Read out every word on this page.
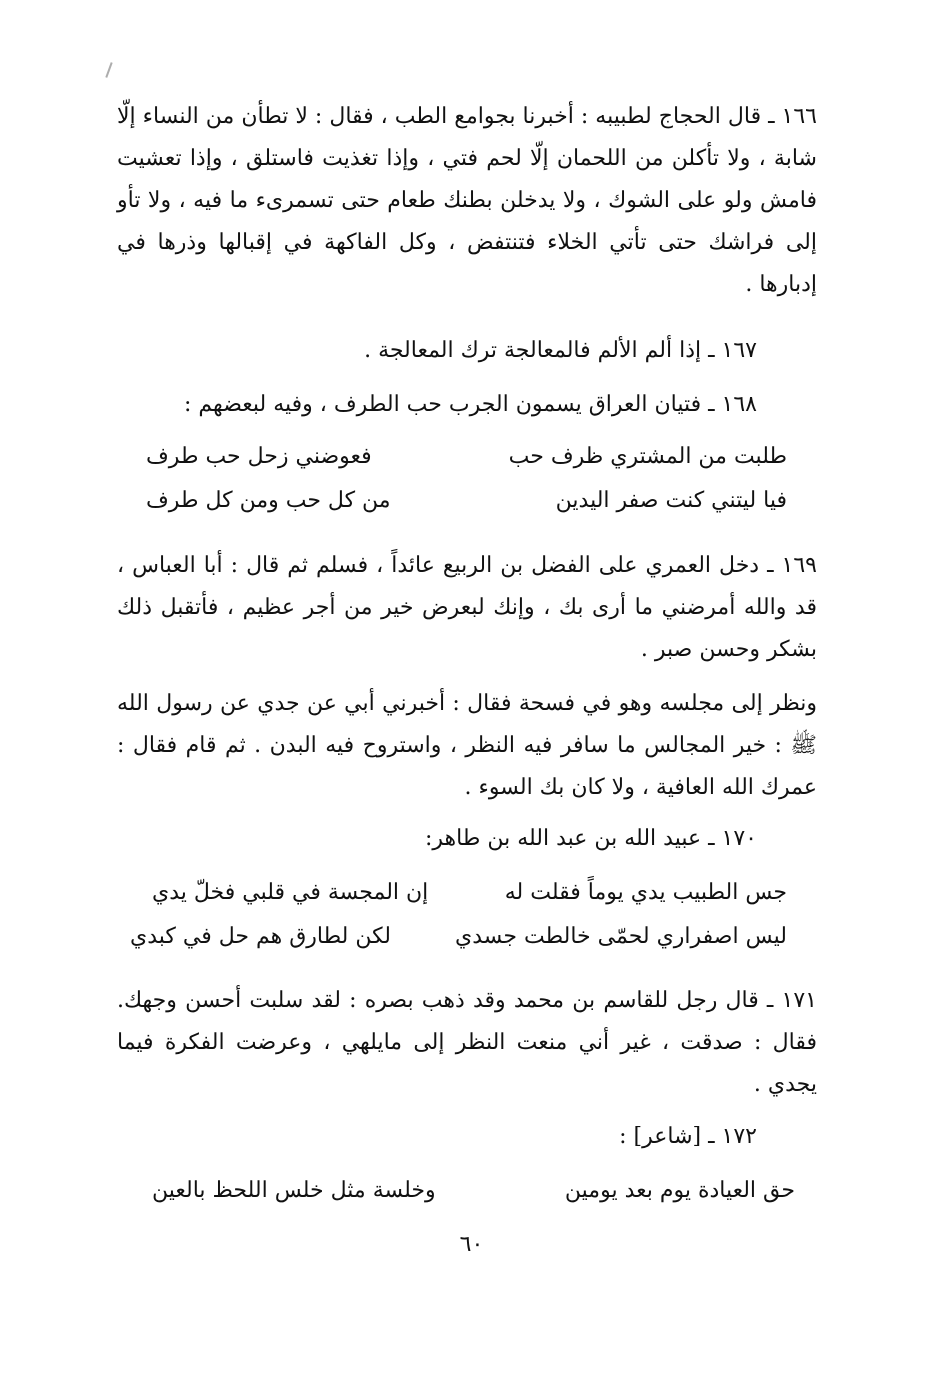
١٦٦ ـ قال الحجاج لطبيبه : أخبرنا بجوامع الطب ، فقال : لا تطأن من النساء إلّا شابة ، ولا تأكلن من اللحمان إلّا لحم فتي ، وإذا تغذيت فاستلق ، وإذا تعشيت فامش ولو على الشوك ، ولا يدخلن بطنك طعام حتى تسمرىء ما فيه ، ولا تأو إلى فراشك حتى تأتي الخلاء فتنتفض ، وكل الفاكهة في إقبالها وذرها في إدبارها .
١٦٧ ـ إذا ألم الألم فالمعالجة ترك المعالجة .
١٦٨ ـ فتيان العراق يسمون الجرب حب الطرف ، وفيه لبعضهم :
طلبت من المشتري ظرف حب
فعوضني زحل حب طرف
فيا ليتني كنت صفر اليدين
من كل حب ومن كل طرف
١٦٩ ـ دخل العمري على الفضل بن الربيع عائداً ، فسلم ثم قال : أبا العباس ، قد والله أمرضني ما أرى بك ، وإنك لبعرض خير من أجر عظيم ، فأتقبل ذلك بشكر وحسن صبر .
ونظر إلى مجلسه وهو في فسحة فقال : أخبرني أبي عن جدي عن رسول الله ﷺ : خير المجالس ما سافر فيه النظر ، واستروح فيه البدن . ثم قام فقال : عمرك الله العافية ، ولا كان بك السوء .
١٧٠ ـ عبيد الله بن عبد الله بن طاهر:
جس الطبيب يدي يوماً فقلت له
إن المجسة في قلبي فخلّ يدي
ليس اصفراري لحمّى خالطت جسدي
لكن لطارق هم حل في كبدي
١٧١ ـ قال رجل للقاسم بن محمد وقد ذهب بصره : لقد سلبت أحسن وجهك. فقال : صدقت ، غير أني منعت النظر إلى مايلهي ، وعرضت الفكرة فيما يجدي .
١٧٢ ـ [شاعر] :
حق العيادة يوم بعد يومين
وخلسة مثل خلس اللحظ بالعين
٦٠
